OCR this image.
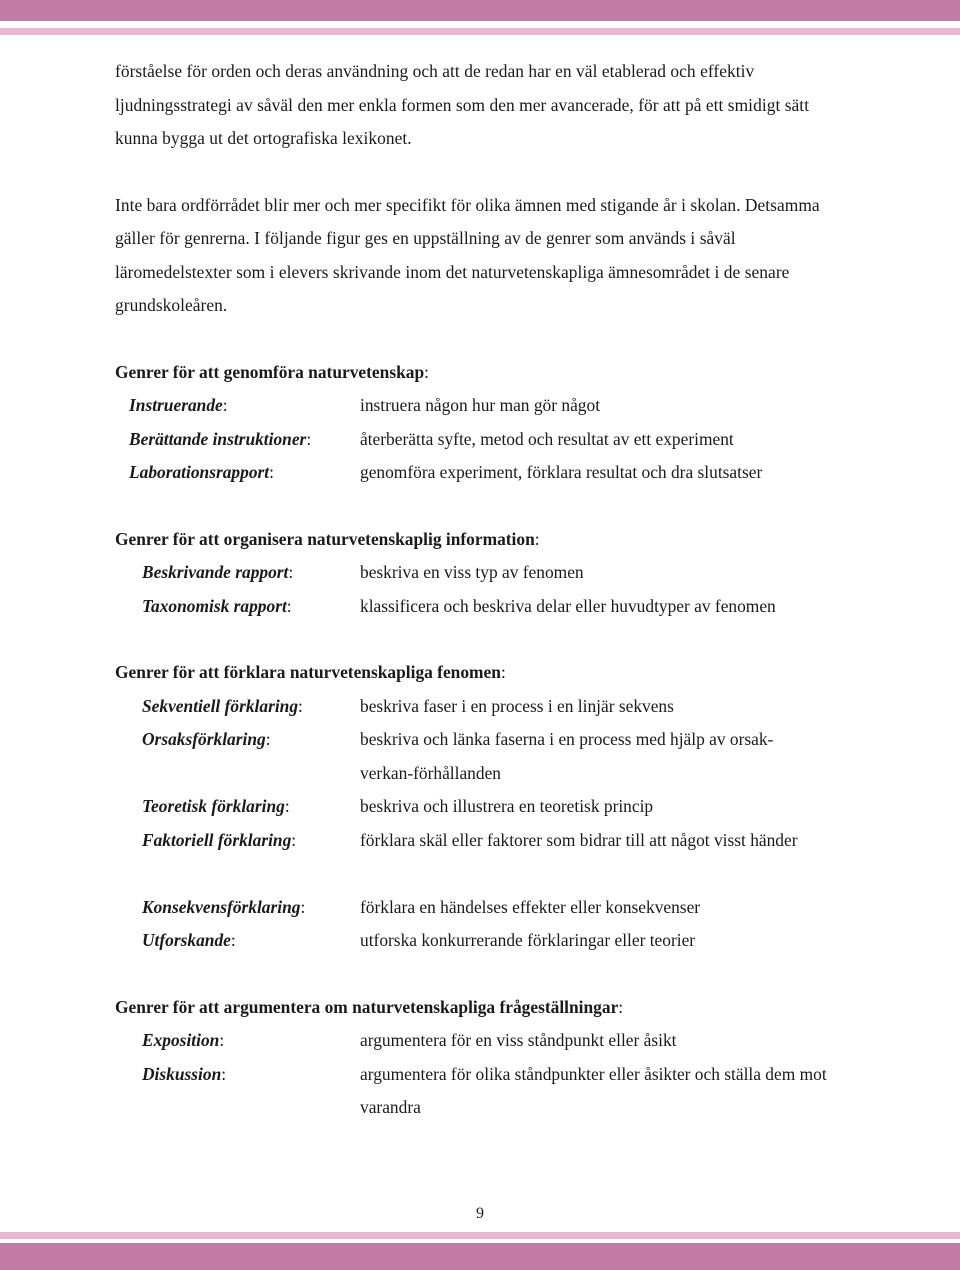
förståelse för orden och deras användning och att de redan har en väl etablerad och effektiv ljudningsstrategi av såväl den mer enkla formen som den mer avancerade, för att på ett smidigt sätt kunna bygga ut det ortografiska lexikonet.

Inte bara ordförrådet blir mer och mer specifikt för olika ämnen med stigande år i skolan. Detsamma gäller för genrerna. I följande figur ges en uppställning av de genrer som används i såväl läromedelstexter som i elevers skrivande inom det naturvetenskapliga ämnesområdet i de senare grundskoleåren.

Genrer för att genomföra naturvetenskap:
Instruerande:	instruera någon hur man gör något
Berättande instruktioner:	återberätta syfte, metod och resultat av ett experiment
Laborationsrapport:	genomföra experiment, förklara resultat och dra slutsatser
Genrer för att organisera naturvetenskaplig information:
Beskrivande rapport:	beskriva en viss typ av fenomen
Taxonomisk rapport:	klassificera och beskriva delar eller huvudtyper av fenomen
Genrer för att förklara naturvetenskapliga fenomen:
Sekventiell förklaring:	beskriva faser i en process i en linjär sekvens
Orsaksförklaring:	beskriva och länka faserna i en process med hjälp av orsak-verkan-förhållanden
Teoretisk förklaring:	beskriva och illustrera en teoretisk princip
Faktoriell förklaring:	förklara skäl eller faktorer som bidrar till att något visst händer
Konsekvensförklaring:	förklara en händelses effekter eller konsekvenser
Utforskande:	utforska konkurrerande förklaringar eller teorier
Genrer för att argumentera om naturvetenskapliga frågeställningar:
Exposition:	argumentera för en viss ståndpunkt eller åsikt
Diskussion:	argumentera för olika ståndpunkter eller åsikter och ställa dem mot varandra
9
